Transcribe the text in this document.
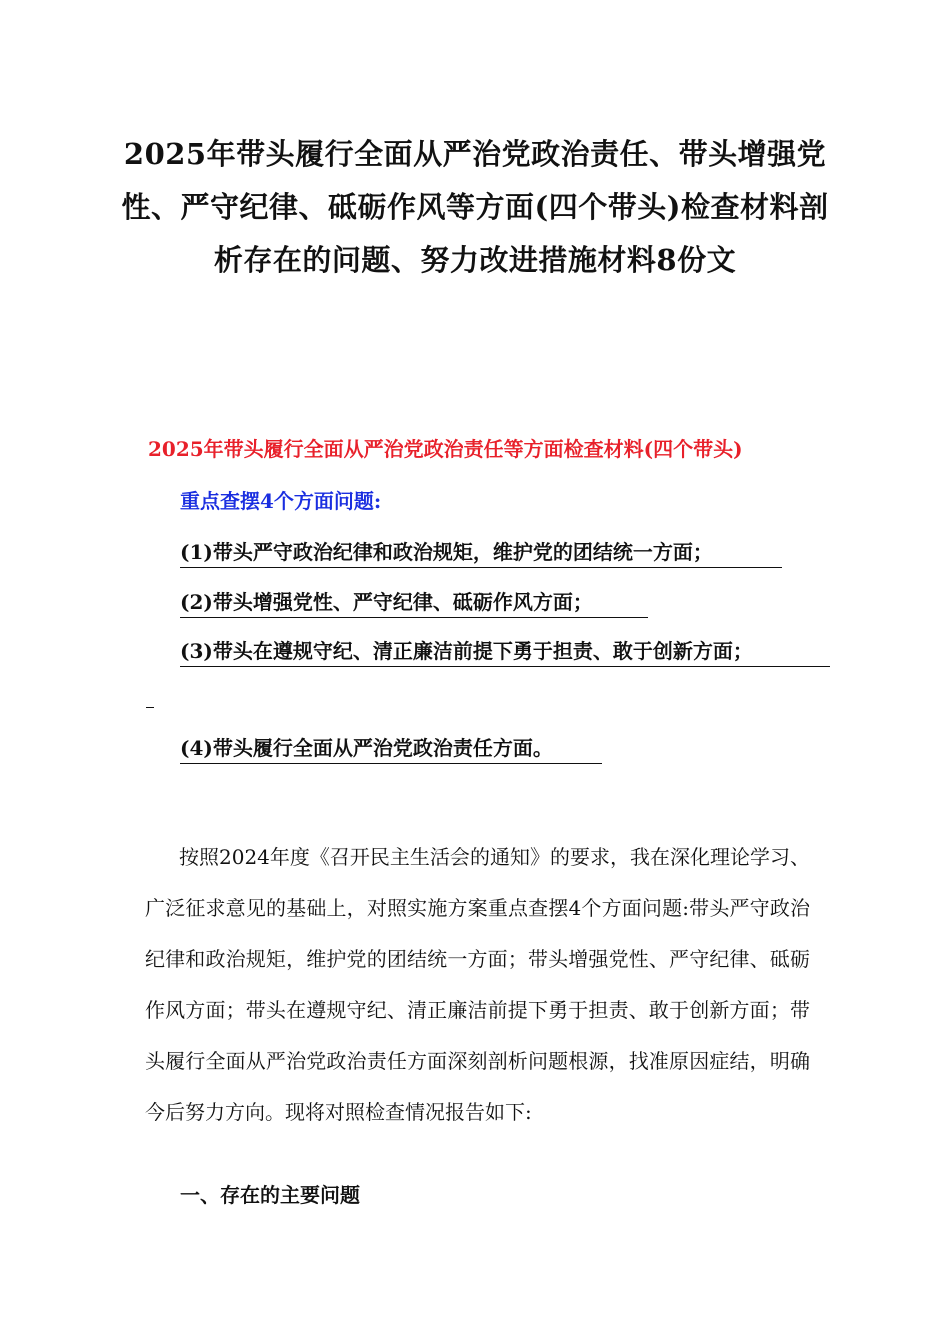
2025年带头履行全面从严治党政治责任、带头增强党性、严守纪律、砥砺作风等方面(四个带头)检查材料剖析存在的问题、努力改进措施材料8份文
2025年带头履行全面从严治党政治责任等方面检查材料(四个带头)
重点查摆4个方面问题:
(1)带头严守政治纪律和政治规矩，维护党的团结统一方面；
(2)带头增强党性、严守纪律、砥砺作风方面；
(3)带头在遵规守纪、清正廉洁前提下勇于担责、敢于创新方面；
(4)带头履行全面从严治党政治责任方面。
按照2024年度《召开民主生活会的通知》的要求，我在深化理论学习、广泛征求意见的基础上，对照实施方案重点查摆4个方面问题:带头严守政治纪律和政治规矩，维护党的团结统一方面；带头增强党性、严守纪律、砥砺作风方面；带头在遵规守纪、清正廉洁前提下勇于担责、敢于创新方面；带头履行全面从严治党政治责任方面深刻剖析问题根源，找准原因症结，明确今后努力方向。现将对照检查情况报告如下:
一、存在的主要问题
